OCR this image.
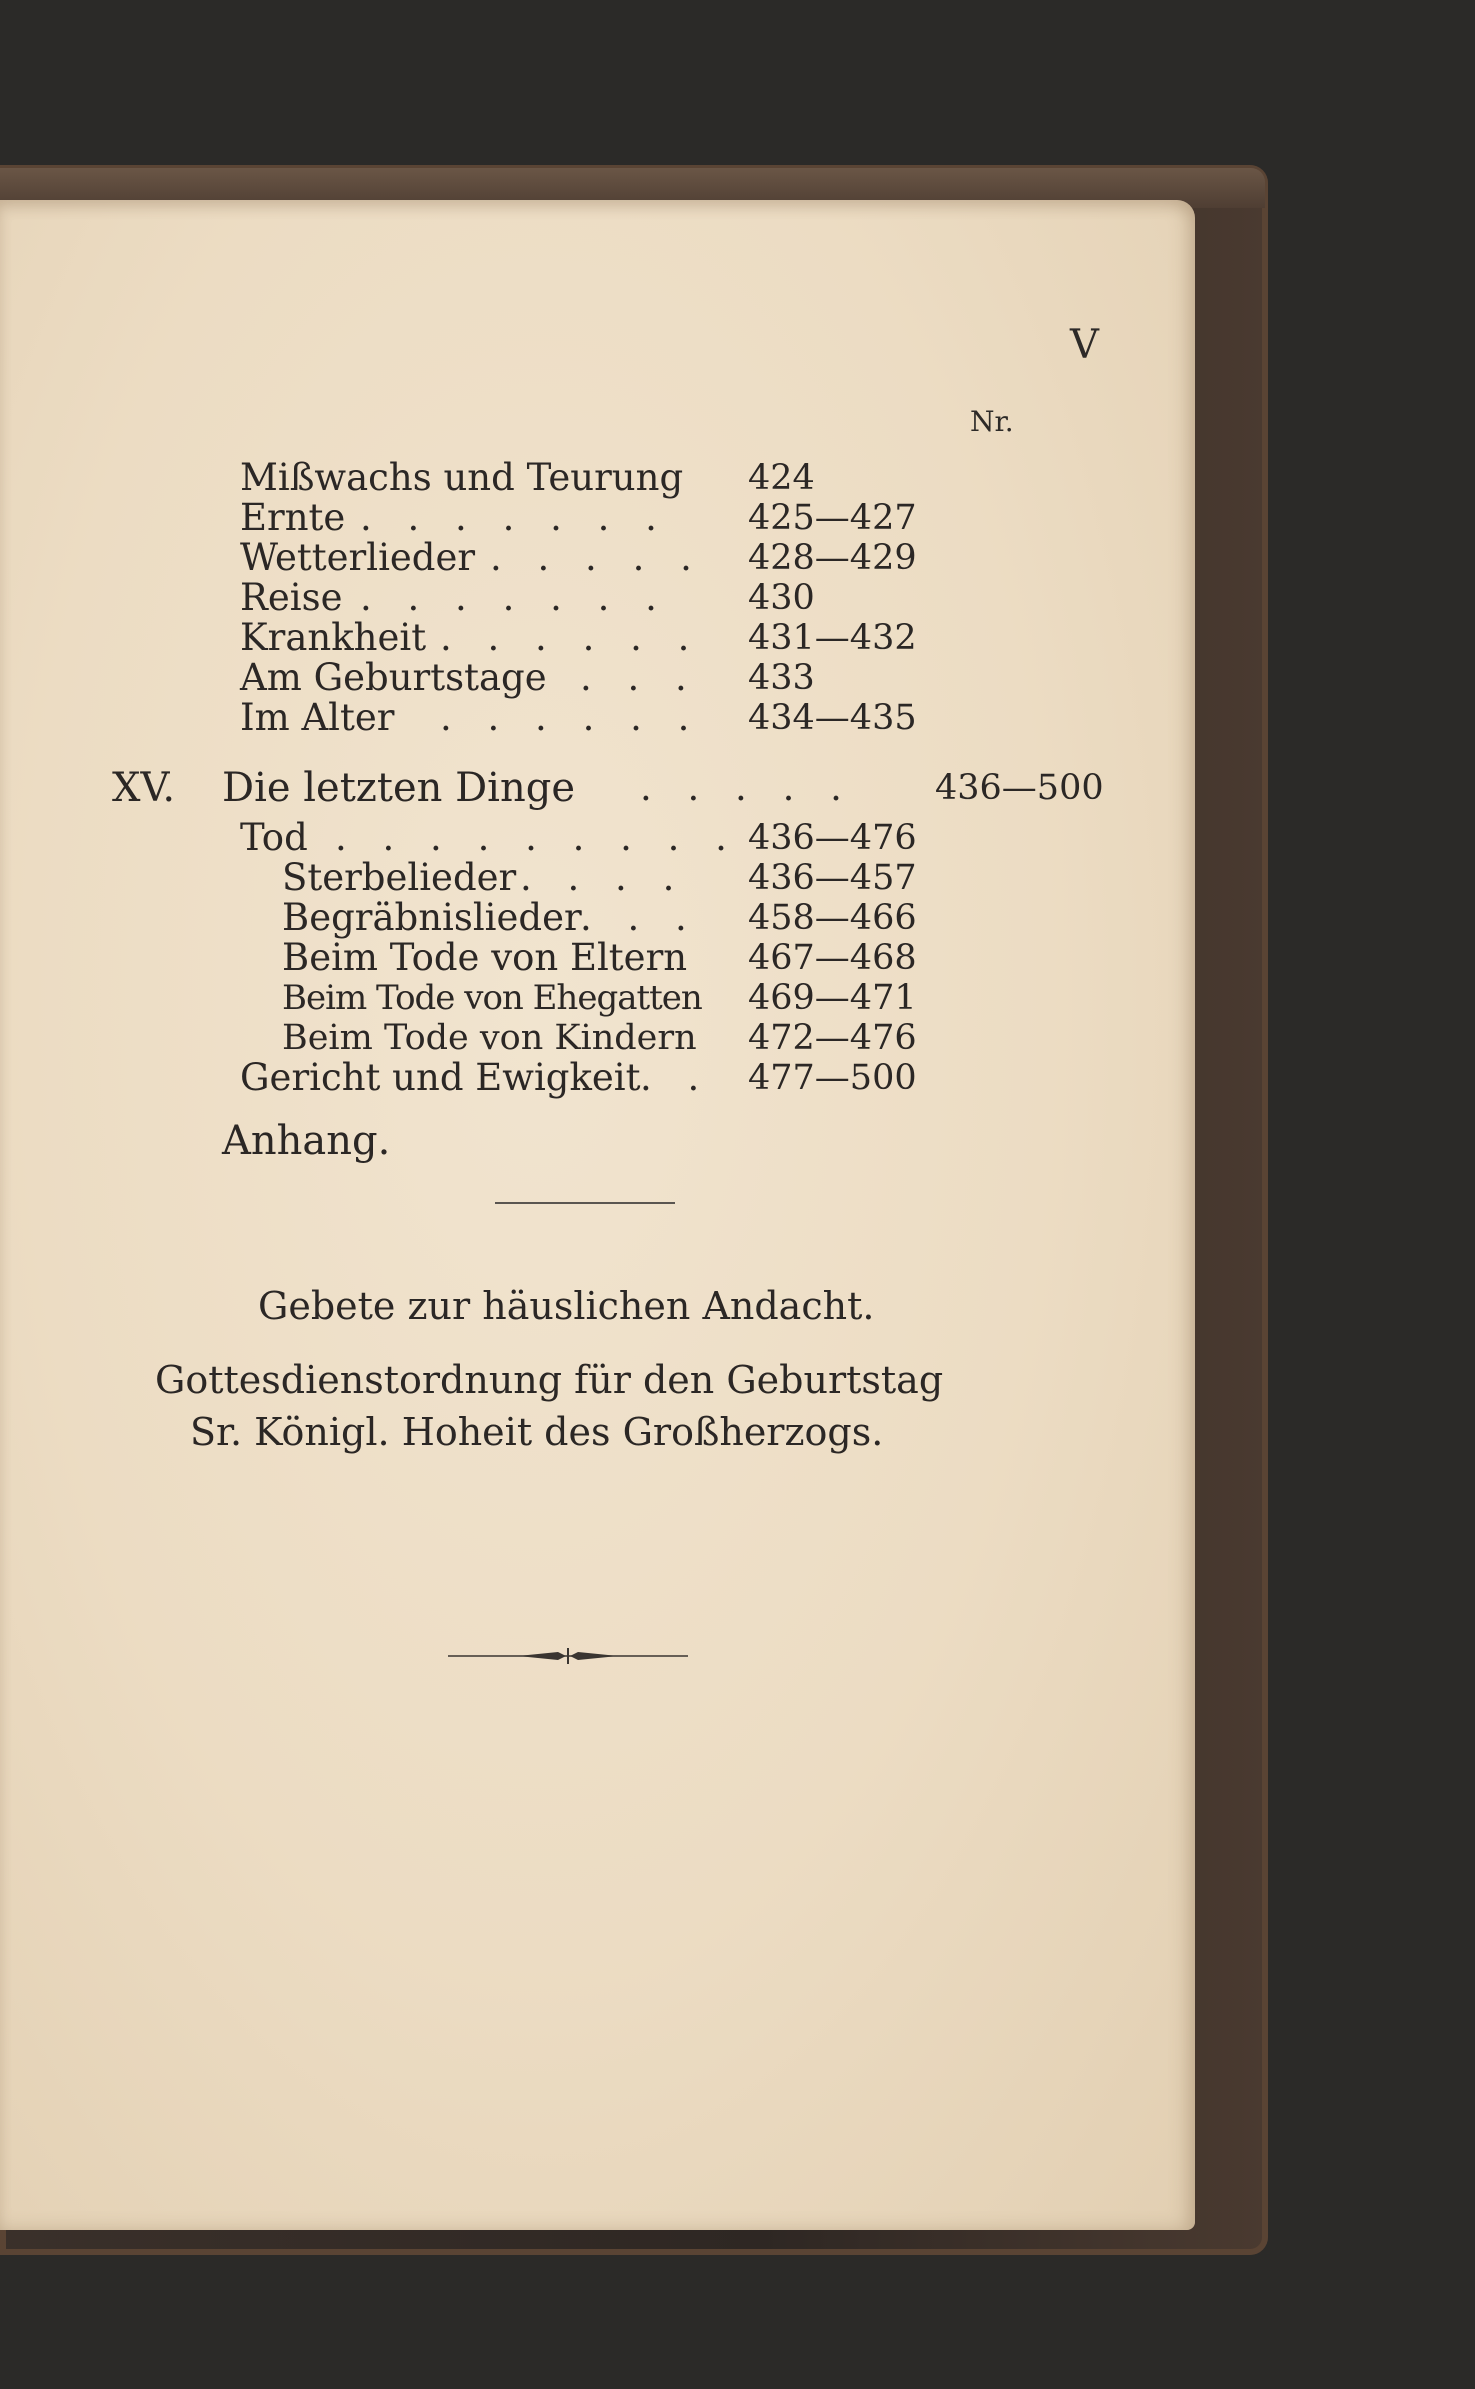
V
Nr.
Mißwachs und Teurung 424
Ernte . . . . . . . 425—427
Wetterlieder . . . . . 428—429
Reise . . . . . . . 430
Krankheit . . . . . . 431—432
Am Geburtstage . . . 433
Im Alter . . . . . . 434—435
XV. Die letzten Dinge . . . . . 436—500
Tod . . . . . . . . . 436—476
Sterbelieder . . . . 436—457
Begräbnislieder
. . . 458—466
Beim Tode von Eltern 467—468
Beim Tode von Ehegatten 469—471
Beim Tode von Kindern 472—476
Gericht und Ewigkeit . . 477—500
Anhang.
Gebete zur häuslichen Andacht.
Gottesdienstordnung für den Geburtstag
Sr. Königl. Hoheit des Großherzogs.
